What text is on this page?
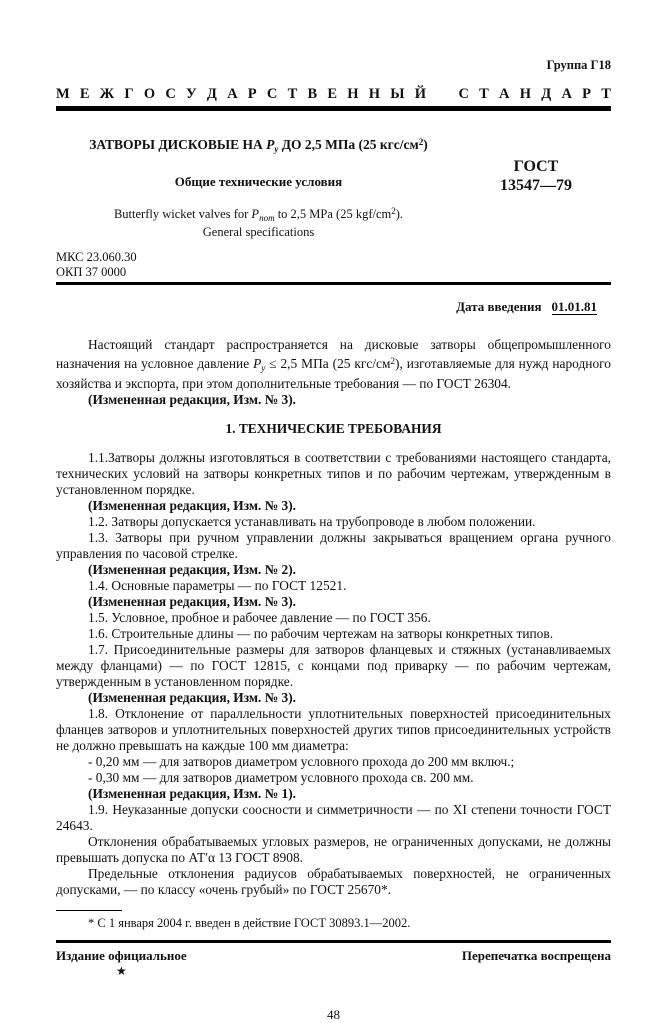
Группа Г18
М Е Ж Г О С У Д А Р С Т В Е Н Н Ы Й
С Т А Н Д А Р Т
ЗАТВОРЫ ДИСКОВЫЕ НА $Р_у$ ДО 2,5 МПа (25 кгс/$см^2$)
Общие технические условия
Butterfly wicket valves for $P_{nom}$ to 2,5 MPa (25 kgf/$cm^2$).
General specifications
ГОСТ
13547—79
МКС 23.060.30
ОКП 37 0000
Дата введения 01.01.81

Настоящий стандарт распространяется на дисковые затворы общепромышленного назначения на условное давление $Р_у \le 2,5$ МПа (25 кгс/$см^2$), изготавляемые для нужд народного хозяйства и экспорта, при этом дополнительные требования — по ГОСТ 26304.

(Измененная редакция, Изм. № 3).

1. ТЕХНИЧЕСКИЕ ТРЕБОВАНИЯ

1.1.Затворы должны изготовляться в соответствии с требованиями настоящего стандарта, технических условий на затворы конкретных типов и по рабочим чертежам, утвержденным в установленном порядке.

(Измененная редакция, Изм. № 3).

1.2. Затворы допускается устанавливать на трубопроводе в любом положении.

1.3. Затворы при ручном управлении должны закрываться вращением органа ручного управления по часовой стрелке.

(Измененная редакция, Изм. № 2).

1.4. Основные параметры — по ГОСТ 12521.

(Измененная редакция, Изм. № 3).

1.5. Условное, пробное и рабочее давление — по ГОСТ 356.

1.6. Строительные длины — по рабочим чертежам на затворы конкретных типов.

1.7. Присоединительные размеры для затворов фланцевых и стяжных (устанавливаемых между фланцами) — по ГОСТ 12815, с концами под приварку — по рабочим чертежам, утвержденным в установленном порядке.

(Измененная редакция, Изм. № 3).

1.8. Отклонение от параллельности уплотнительных поверхностей присоединительных фланцев затворов и уплотнительных поверхностей других типов присоединительных устройств не должно превышать на каждые 100 мм диаметра:

- 0,20 мм — для затворов диаметром условного прохода до 200 мм включ.;

- 0,30 мм — для затворов диаметром условного прохода св. 200 мм.

(Измененная редакция, Изм. № 1).

1.9. Неуказанные допуски соосности и симметричности — по XI степени точности ГОСТ 24643.

Отклонения обрабатываемых угловых размеров, не ограниченных допусками, не должны превышать допуска по АТ′α 13 ГОСТ 8908.

Предельные отклонения радиусов обрабатываемых поверхностей, не ограниченных допусками, — по классу «очень грубый» по ГОСТ 25670*.

* С 1 января 2004 г. введен в действие ГОСТ 30893.1—2002.
Издание официальное	Перепечатка воспрещена
★
48
